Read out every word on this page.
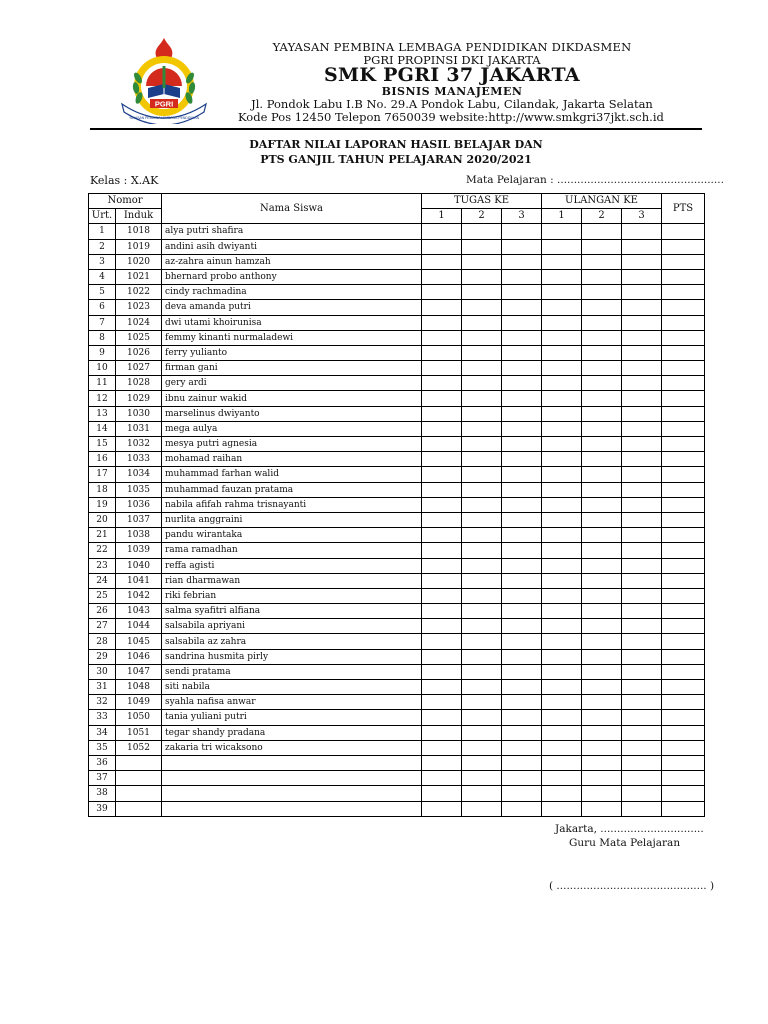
PGRI
YAYASAN PEMBINA LEMBAGA PENDIDIKAN
YAYASAN PEMBINA LEMBAGA PENDIDIKAN DIKDASMEN
PGRI PROPINSI DKI JAKARTA
SMK PGRI 37 JAKARTA
BISNIS MANAJEMEN
Jl. Pondok Labu I.B No. 29.A Pondok Labu, Cilandak, Jakarta Selatan
Kode Pos 12450 Telepon 7650039 website:http://www.smkgri37jkt.sch.id
DAFTAR NILAI LAPORAN HASIL BELAJAR DAN
PTS GANJIL TAHUN PELAJARAN 2020/2021
Kelas : X.AK	Mata Pelajaran : ..................................................
Nomor		Nama Siswa	TUGAS KE			ULANGAN KE			PTS
Urt.	Induk		1	2	3	1	2	3	
1	1018	alya putri shafira							
2	1019	andini asih dwiyanti							
3	1020	az-zahra ainun hamzah							
4	1021	bhernard probo anthony							
5	1022	cindy rachmadina							
6	1023	deva amanda putri							
7	1024	dwi utami khoirunisa							
8	1025	femmy kinanti nurmaladewi							
9	1026	ferry yulianto							
10	1027	firman gani							
11	1028	gery ardi							
12	1029	ibnu zainur wakid							
13	1030	marselinus dwiyanto							
14	1031	mega aulya							
15	1032	mesya putri agnesia							
16	1033	mohamad raihan							
17	1034	muhammad farhan walid							
18	1035	muhammad fauzan pratama							
19	1036	nabila afifah rahma trisnayanti							
20	1037	nurlita anggraini							
21	1038	pandu wirantaka							
22	1039	rama ramadhan							
23	1040	reffa agisti							
24	1041	rian dharmawan							
25	1042	riki febrian							
26	1043	salma syafitri alfiana							
27	1044	salsabila apriyani							
28	1045	salsabila az zahra							
29	1046	sandrina husmita pirly							
30	1047	sendi pratama							
31	1048	siti nabila							
32	1049	syahla nafisa anwar							
33	1050	tania yuliani putri							
34	1051	tegar shandy pradana							
35	1052	zakaria tri wicaksono							
36									
37									
38									
39									
Jakarta, ...............................
Guru Mata Pelajaran
( ............................................. )
